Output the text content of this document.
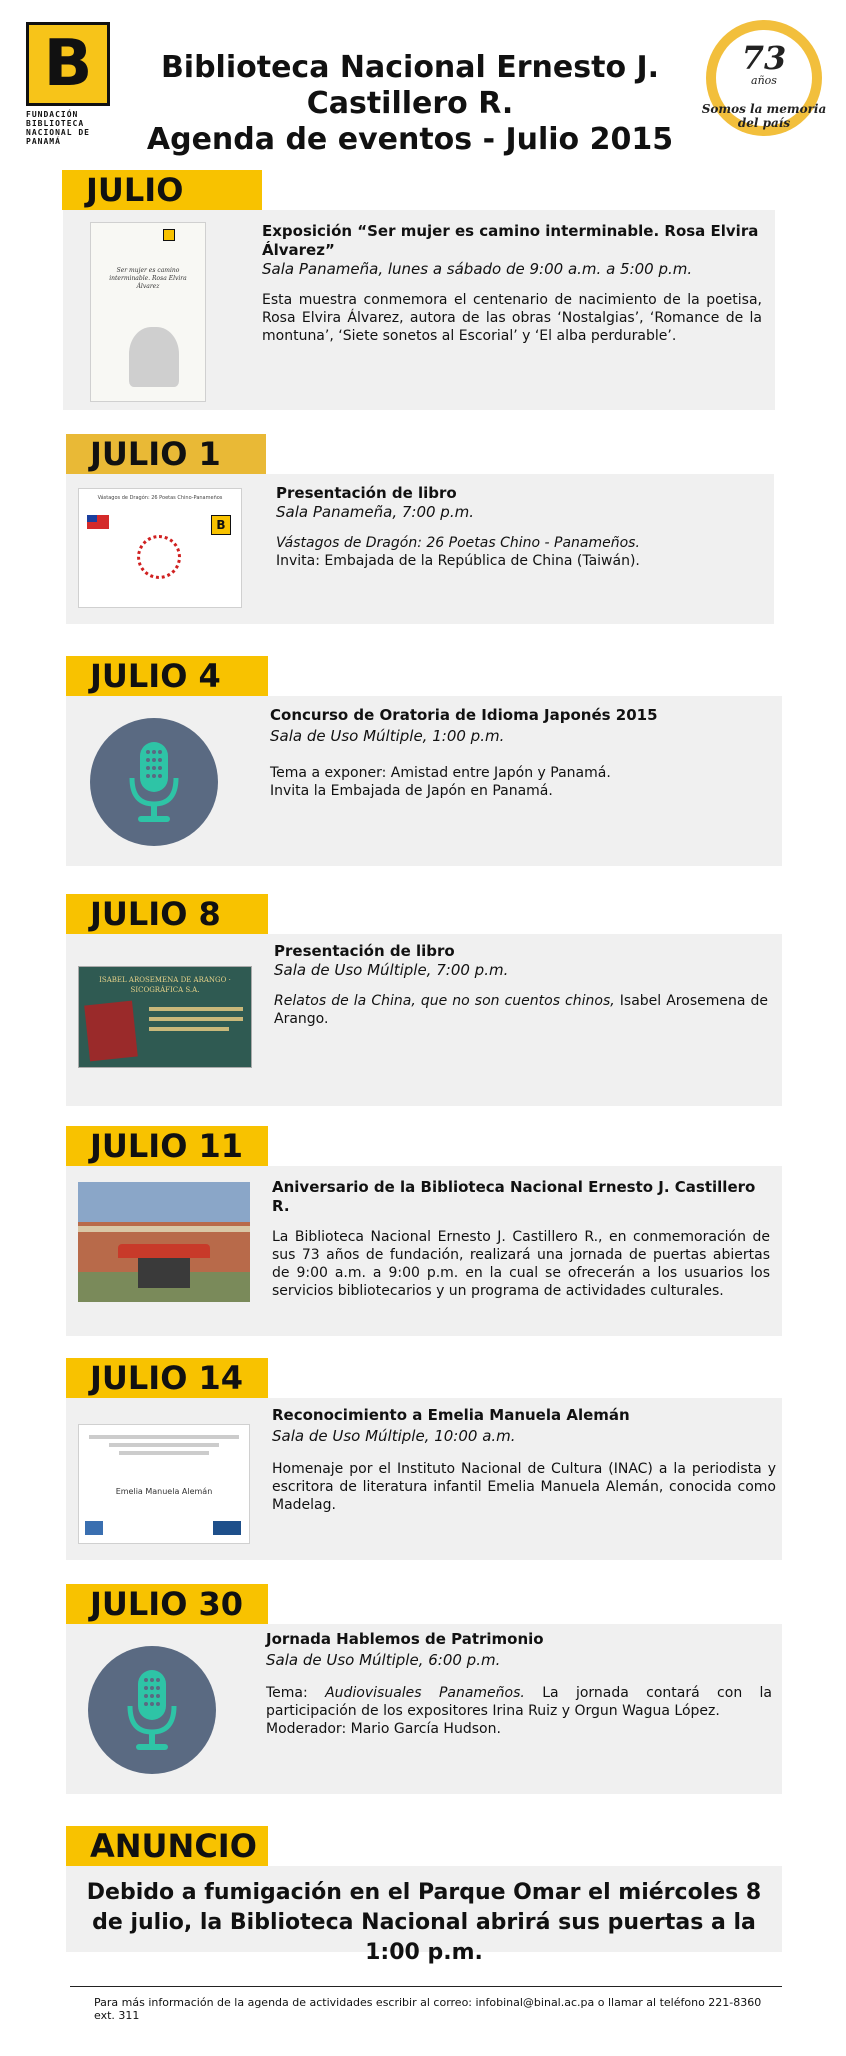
B
FUNDACIÓN BIBLIOTECA NACIONAL DE PANAMÁ
Biblioteca Nacional Ernesto J. Castillero R.
Agenda de eventos - Julio 2015
73
años
Somos la memoria del país
JULIO
Ser mujer es camino interminable. Rosa Elvira Álvarez
Exposición “Ser mujer es camino interminable. Rosa Elvira Álvarez”
Sala Panameña, lunes a sábado de 9:00 a.m. a 5:00 p.m.
Esta muestra conmemora el centenario de nacimiento de la poetisa, Rosa Elvira Álvarez, autora de las obras ‘Nostalgias’, ‘Romance de la montuna’, ‘Siete sonetos al Escorial’ y ‘El alba perdurable’.
JULIO 1
B
Vástagos de Dragón: 26 Poetas Chino-Panameños	Presentación de libro
Sala Panameña, 7:00 p.m.
Vástagos de Dragón: 26 Poetas Chino - Panameños.
Invita: Embajada de la República de China (Taiwán).
JULIO 4
Concurso de Oratoria de Idioma Japonés 2015
Sala de Uso Múltiple, 1:00 p.m.
Tema a exponer: Amistad entre Japón y Panamá.
Invita la Embajada de Japón en Panamá.
JULIO 8
ISABEL AROSEMENA DE ARANGO · SICOGRÁFICA S.A.
Presentación de libro
Sala de Uso Múltiple, 7:00 p.m.
Relatos de la China, que no son cuentos chinos, Isabel Arosemena de Arango.
JULIO 11
Aniversario de la Biblioteca Nacional Ernesto J. Castillero R.
La Biblioteca Nacional Ernesto J. Castillero R., en conmemoración de sus 73 años de fundación, realizará una jornada de puertas abiertas de 9:00 a.m. a 9:00 p.m. en la cual se ofrecerán a los usuarios los servicios bibliotecarios y un programa de actividades culturales.
JULIO 14
Emelia Manuela Alemán
Reconocimiento a Emelia Manuela Alemán
Sala de Uso Múltiple, 10:00 a.m.
Homenaje por el Instituto Nacional de Cultura (INAC) a la periodista y escritora de literatura infantil Emelia Manuela Alemán, conocida como Madelag.
JULIO 30
Jornada Hablemos de Patrimonio
Sala de Uso Múltiple, 6:00 p.m.
Tema: Audiovisuales Panameños. La jornada contará con la participación de los expositores Irina Ruiz y Orgun Wagua López.
Moderador: Mario García Hudson.
ANUNCIO
Debido a fumigación en el Parque Omar el miércoles 8 de julio, la Biblioteca Nacional abrirá sus puertas a la 1:00 p.m.
Para más información de la agenda de actividades escribir al correo: infobinal@binal.ac.pa o llamar al teléfono 221-8360 ext. 311
